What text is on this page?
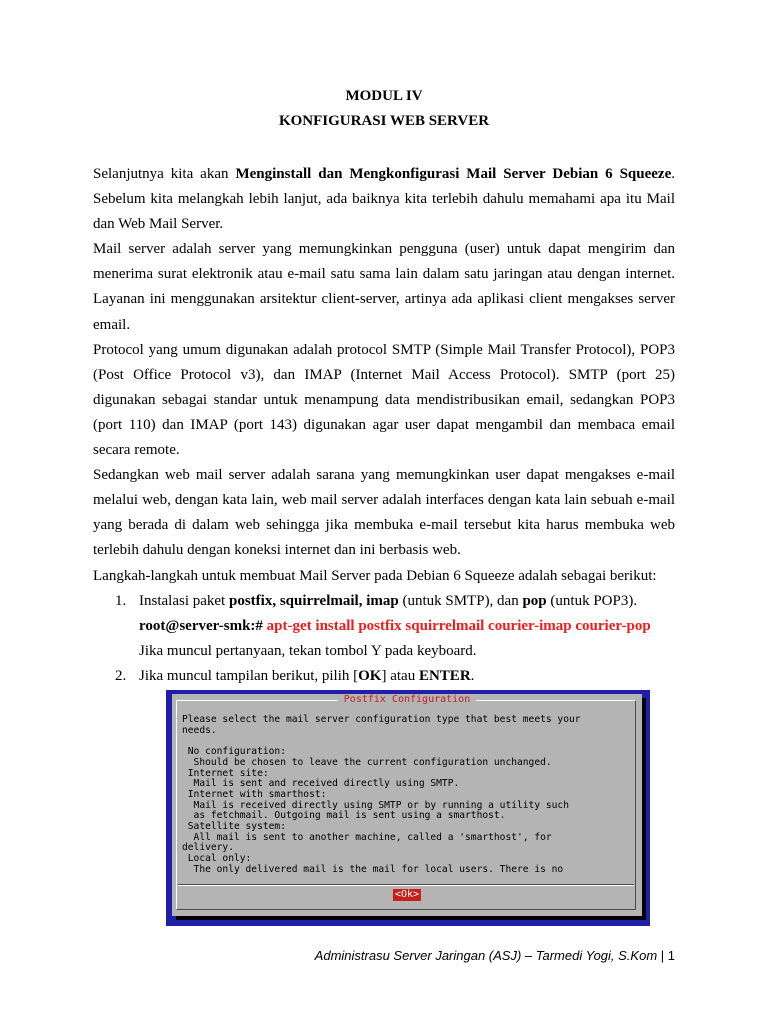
MODUL IV
KONFIGURASI WEB SERVER

Selanjutnya kita akan Menginstall dan Mengkonfigurasi Mail Server Debian 6 Squeeze. Sebelum kita melangkah lebih lanjut, ada baiknya kita terlebih dahulu memahami apa itu Mail dan Web Mail Server.

Mail server adalah server yang memungkinkan pengguna (user) untuk dapat mengirim dan menerima surat elektronik atau e-mail satu sama lain dalam satu jaringan atau dengan internet. Layanan ini menggunakan arsitektur client-server, artinya ada aplikasi client mengakses server email.

Protocol yang umum digunakan adalah protocol SMTP (Simple Mail Transfer Protocol), POP3 (Post Office Protocol v3), dan IMAP (Internet Mail Access Protocol). SMTP (port 25) digunakan sebagai standar untuk menampung data mendistribusikan email, sedangkan POP3 (port 110) dan IMAP (port 143) digunakan agar user dapat mengambil dan membaca email secara remote.

Sedangkan web mail server adalah sarana yang memungkinkan user dapat mengakses e-mail melalui web, dengan kata lain, web mail server adalah interfaces dengan kata lain sebuah e-mail yang berada di dalam web sehingga jika membuka e-mail tersebut kita harus membuka web terlebih dahulu dengan koneksi internet dan ini berbasis web.

Langkah-langkah untuk membuat Mail Server pada Debian 6 Squeeze adalah sebagai berikut:

1. Instalasi paket postfix, squirrelmail, imap (untuk SMTP), dan pop (untuk POP3).
root@server-smk:# apt-get install postfix squirrelmail courier-imap courier-pop
Jika muncul pertanyaan, tekan tombol Y pada keyboard.
2. Jika muncul tampilan berikut, pilih [OK] atau ENTER.
Postfix Configuration
Please select the mail server configuration type that best meets your
needs.

No configuration:
Should be chosen to leave the current configuration unchanged.
Internet site:
Mail is sent and received directly using SMTP.
Internet with smarthost:
Mail is received directly using SMTP or by running a utility such
as fetchmail. Outgoing mail is sent using a smarthost.
Satellite system:
All mail is sent to another machine, called a 'smarthost', for
delivery.
Local only:
The only delivered mail is the mail for local users. There is no
<Ok>
Administrasu Server Jaringan (ASJ) – Tarmedi Yogi, S.Kom | 1
